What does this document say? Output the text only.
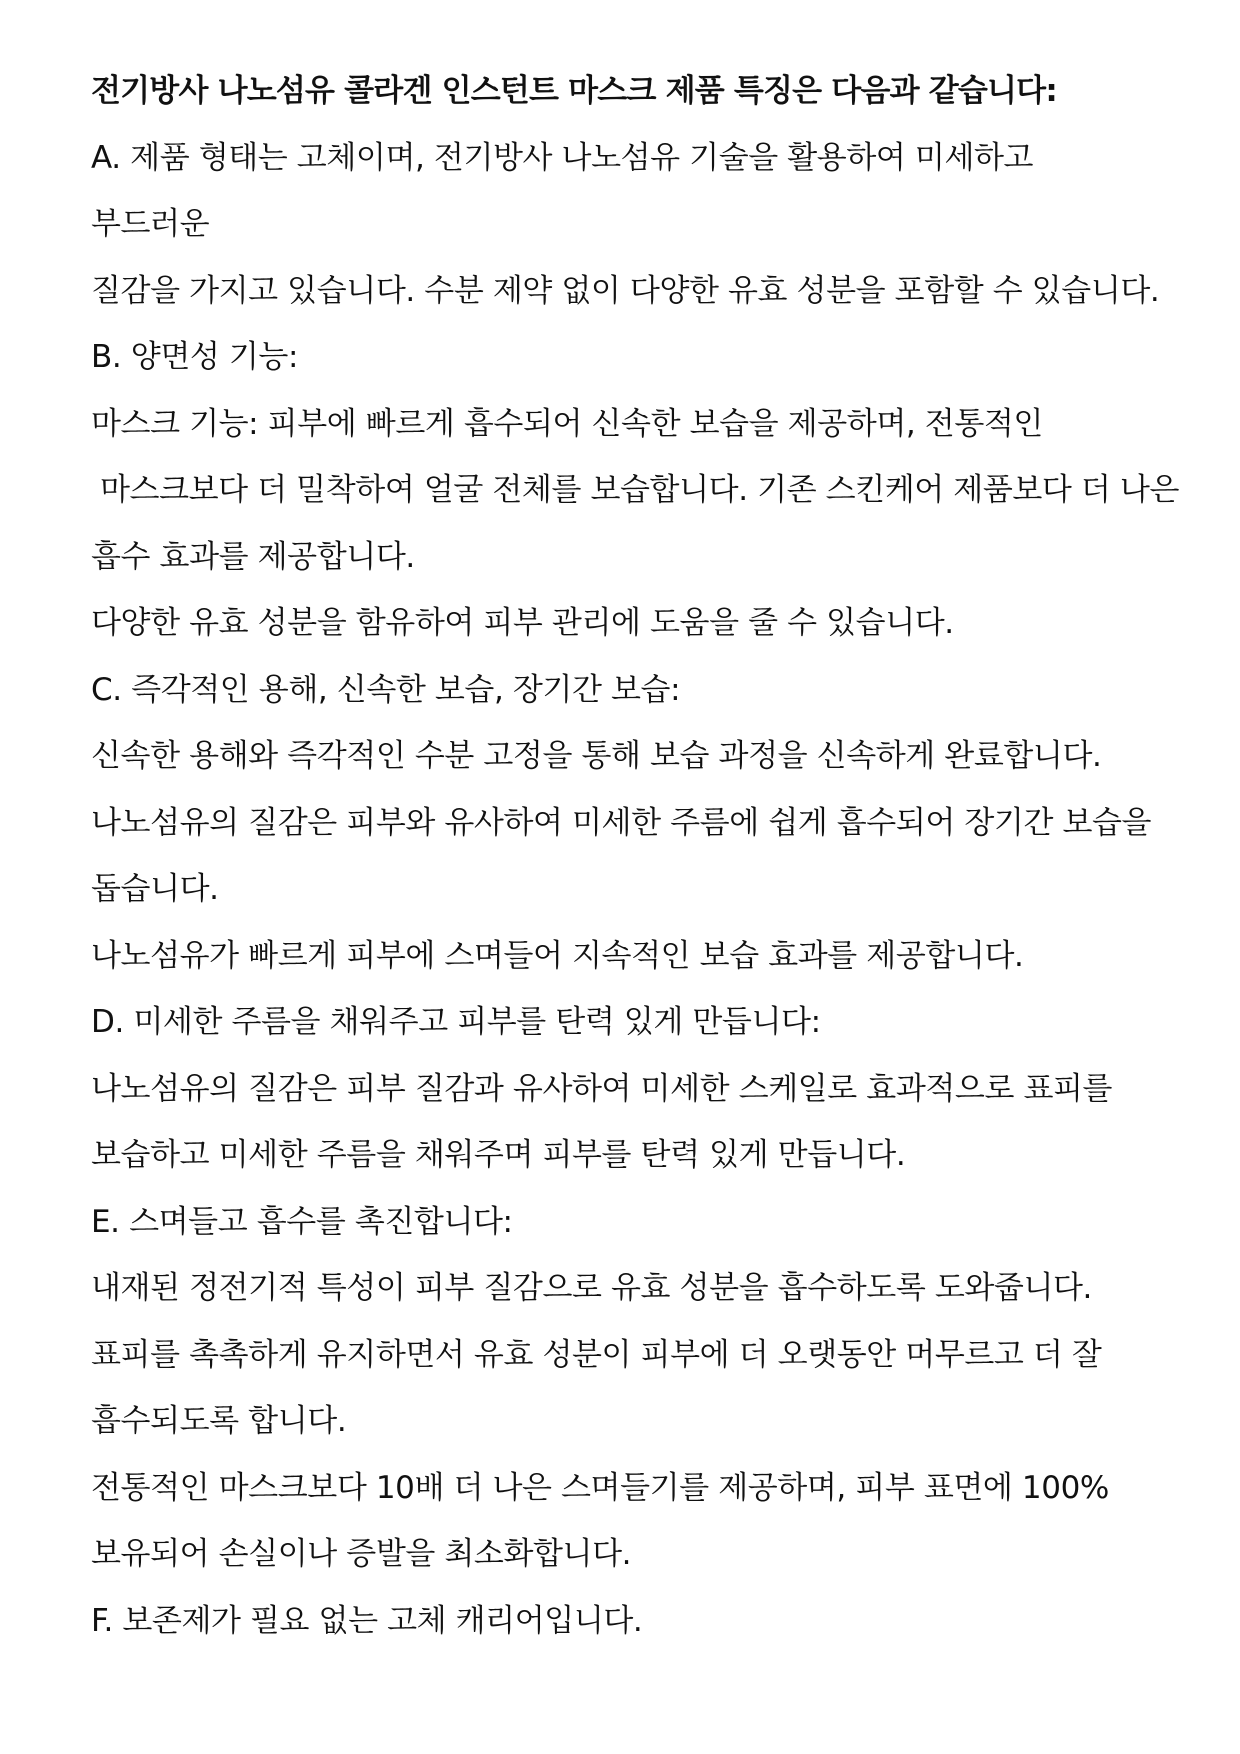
전기방사 나노섬유 콜라겐 인스턴트 마스크 제품 특징은 다음과 같습니다:
A. 제품 형태는 고체이며, 전기방사 나노섬유 기술을 활용하여 미세하고
부드러운
질감을 가지고 있습니다. 수분 제약 없이 다양한 유효 성분을 포함할 수 있습니다.
B. 양면성 기능:
마스크 기능: 피부에 빠르게 흡수되어 신속한 보습을 제공하며, 전통적인
마스크보다 더 밀착하여 얼굴 전체를 보습합니다. 기존 스킨케어 제품보다 더 나은
흡수 효과를 제공합니다.
다양한 유효 성분을 함유하여 피부 관리에 도움을 줄 수 있습니다.
C. 즉각적인 용해, 신속한 보습, 장기간 보습:
신속한 용해와 즉각적인 수분 고정을 통해 보습 과정을 신속하게 완료합니다.
나노섬유의 질감은 피부와 유사하여 미세한 주름에 쉽게 흡수되어 장기간 보습을
돕습니다.
나노섬유가 빠르게 피부에 스며들어 지속적인 보습 효과를 제공합니다.
D. 미세한 주름을 채워주고 피부를 탄력 있게 만듭니다:
나노섬유의 질감은 피부 질감과 유사하여 미세한 스케일로 효과적으로 표피를
보습하고 미세한 주름을 채워주며 피부를 탄력 있게 만듭니다.
E. 스며들고 흡수를 촉진합니다:
내재된 정전기적 특성이 피부 질감으로 유효 성분을 흡수하도록 도와줍니다.
표피를 촉촉하게 유지하면서 유효 성분이 피부에 더 오랫동안 머무르고 더 잘
흡수되도록 합니다.
전통적인 마스크보다 10배 더 나은 스며들기를 제공하며, 피부 표면에 100%
보유되어 손실이나 증발을 최소화합니다.
F. 보존제가 필요 없는 고체 캐리어입니다.
